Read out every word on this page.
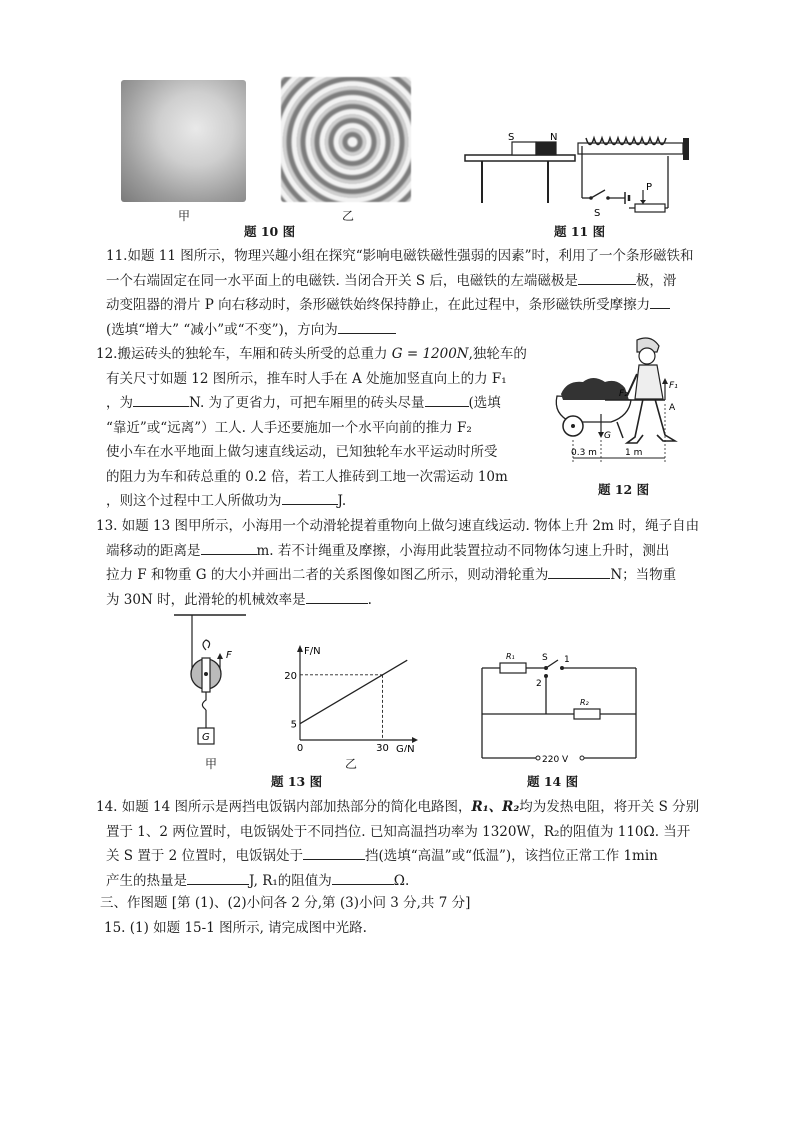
甲	乙
题 10 图
S	N
P
S
题 11 图
11.如题 11 图所示，物理兴趣小组在探究“影响电磁铁磁性强弱的因素”时，利用了一个条形磁铁和
一个右端固定在同一水平面上的电磁铁. 当闭合开关 S 后，电磁铁的左端磁极是	极，滑
动变阻器的滑片 P 向右移动时，条形磁铁始终保持静止，在此过程中，条形磁铁所受摩擦力
(选填“增大” “减小”或“不变”)，方向为
12.搬运砖头的独轮车，车厢和砖头所受的总重力 G = 1200N,独轮车的
有关尺寸如题 12 图所示，推车时人手在 A 处施加竖直向上的力 F₁
，为	N. 为了更省力，可把车厢里的砖头尽量	(选填
“靠近”或“远离”）工人. 人手还要施加一个水平向前的推力 F₂
使小车在水平地面上做匀速直线运动，已知独轮车水平运动时所受
的阻力为车和砖总重的 0.2 倍，若工人推砖到工地一次需运动 10m
，则这个过程中工人所做功为	J.
G
F₁
F₂
A
0.3 m	1 m
题 12 图
13. 如题 13 图甲所示，小海用一个动滑轮提着重物向上做匀速直线运动. 物体上升 2m 时，绳子自由
端移动的距离是	m. 若不计绳重及摩擦，小海用此装置拉动不同物体匀速上升时，测出
拉力 F 和物重 G 的大小并画出二者的关系图像如图乙所示，则动滑轮重为	N；当物重
为 30N 时，此滑轮的机械效率是	.
F
G
甲
F/N
G/N
20
5
0	30
乙
题 13 图
R₁	S 1
2
R₂
220 V
题 14 图
14. 如题 14 图所示是两挡电饭锅内部加热部分的简化电路图，R₁、R₂均为发热电阻，将开关 S 分别
置于 1、2 两位置时，电饭锅处于不同挡位. 已知高温挡功率为 1320W，R₂的阻值为 110Ω. 当开
关 S 置于 2 位置时，电饭锅处于	挡(选填“高温”或“低温”)，该挡位正常工作 1min
产生的热量是	J, R₁的阻值为	Ω.
三、作图题 [第 (1)、(2)小问各 2 分,第 (3)小问 3 分,共 7 分]
15. (1) 如题 15-1 图所示, 请完成图中光路.
